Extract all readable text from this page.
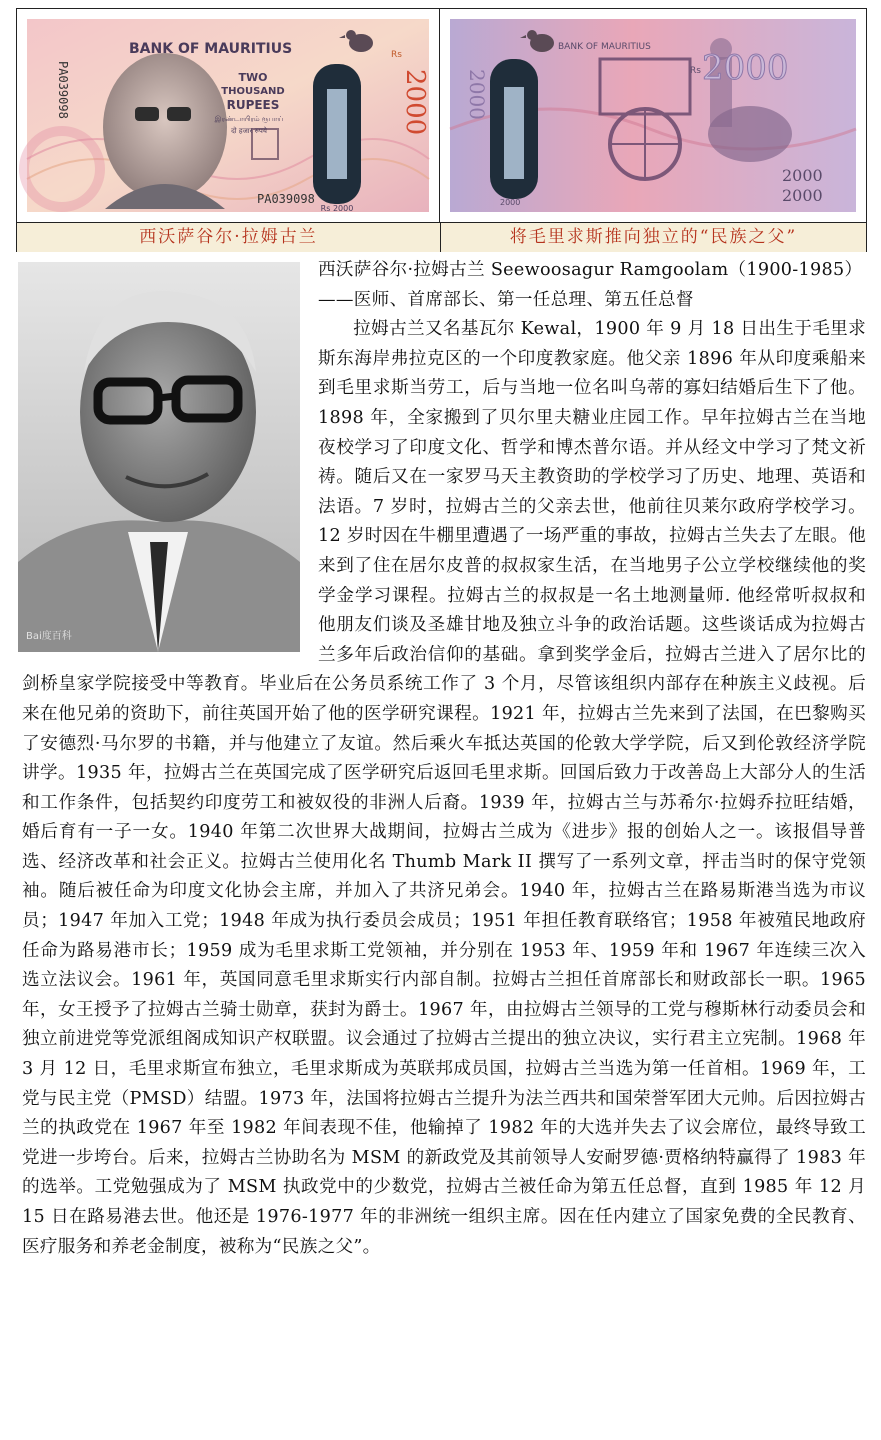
BANK OF MAURITIUS
TWO
THOUSAND
RUPEES
இரண்டாயிரம் ரூபாய்
दो हजार रुपये
Rs
2000
PA039098
PA039098
Rs 2000
BANK OF MAURITIUS
Rs 2000
2000
2000
2000
2000
西沃萨谷尔·拉姆古兰	将毛里求斯推向独立的“民族之父”
Bai度百科

西沃萨谷尔·拉姆古兰 Seewoosagur Ramgoolam（1900-1985）

——医师、首席部长、第一任总理、第五任总督

拉姆古兰又名基瓦尔 Kewal，1900 年 9 月 18 日出生于毛里求斯东海岸弗拉克区的一个印度教家庭。他父亲 1896 年从印度乘船来到毛里求斯当劳工，后与当地一位名叫乌蒂的寡妇结婚后生下了他。1898 年，全家搬到了贝尔里夫糖业庄园工作。早年拉姆古兰在当地夜校学习了印度文化、哲学和博杰普尔语。并从经文中学习了梵文祈祷。随后又在一家罗马天主教资助的学校学习了历史、地理、英语和法语。7 岁时，拉姆古兰的父亲去世，他前往贝莱尔政府学校学习。12 岁时因在牛棚里遭遇了一场严重的事故，拉姆古兰失去了左眼。他来到了住在居尔皮普的叔叔家生活，在当地男子公立学校继续他的奖学金学习课程。拉姆古兰的叔叔是一名土地测量师. 他经常听叔叔和他朋友们谈及圣雄甘地及独立斗争的政治话题。这些谈话成为拉姆古兰多年后政治信仰的基础。拿到奖学金后，拉姆古兰进入了居尔比的剑桥皇家学院接受中等教育。毕业后在公务员系统工作了 3 个月，尽管该组织内部存在种族主义歧视。后来在他兄弟的资助下，前往英国开始了他的医学研究课程。1921 年，拉姆古兰先来到了法国，在巴黎购买了安德烈·马尔罗的书籍，并与他建立了友谊。然后乘火车抵达英国的伦敦大学学院，后又到伦敦经济学院讲学。1935 年，拉姆古兰在英国完成了医学研究后返回毛里求斯。回国后致力于改善岛上大部分人的生活和工作条件，包括契约印度劳工和被奴役的非洲人后裔。1939 年，拉姆古兰与苏希尔·拉姆乔拉旺结婚，婚后育有一子一女。1940 年第二次世界大战期间，拉姆古兰成为《进步》报的创始人之一。该报倡导普选、经济改革和社会正义。拉姆古兰使用化名 Thumb Mark II 撰写了一系列文章，抨击当时的保守党领袖。随后被任命为印度文化协会主席，并加入了共济兄弟会。1940 年，拉姆古兰在路易斯港当选为市议员；1947 年加入工党；1948 年成为执行委员会成员；1951 年担任教育联络官；1958 年被殖民地政府任命为路易港市长；1959 成为毛里求斯工党领袖，并分别在 1953 年、1959 年和 1967 年连续三次入选立法议会。1961 年，英国同意毛里求斯实行内部自制。拉姆古兰担任首席部长和财政部长一职。1965 年，女王授予了拉姆古兰骑士勋章，获封为爵士。1967 年，由拉姆古兰领导的工党与穆斯林行动委员会和独立前进党等党派组阁成知识产权联盟。议会通过了拉姆古兰提出的独立决议，实行君主立宪制。1968 年 3 月 12 日，毛里求斯宣布独立，毛里求斯成为英联邦成员国，拉姆古兰当选为第一任首相。1969 年，工党与民主党（PMSD）结盟。1973 年，法国将拉姆古兰提升为法兰西共和国荣誉军团大元帅。后因拉姆古兰的执政党在 1967 年至 1982 年间表现不佳，他输掉了 1982 年的大选并失去了议会席位，最终导致工党进一步垮台。后来，拉姆古兰协助名为 MSM 的新政党及其前领导人安耐罗德·贾格纳特赢得了 1983 年的选举。工党勉强成为了 MSM 执政党中的少数党，拉姆古兰被任命为第五任总督，直到 1985 年 12 月 15 日在路易港去世。他还是 1976-1977 年的非洲统一组织主席。因在任内建立了国家免费的全民教育、医疗服务和养老金制度，被称为“民族之父”。
